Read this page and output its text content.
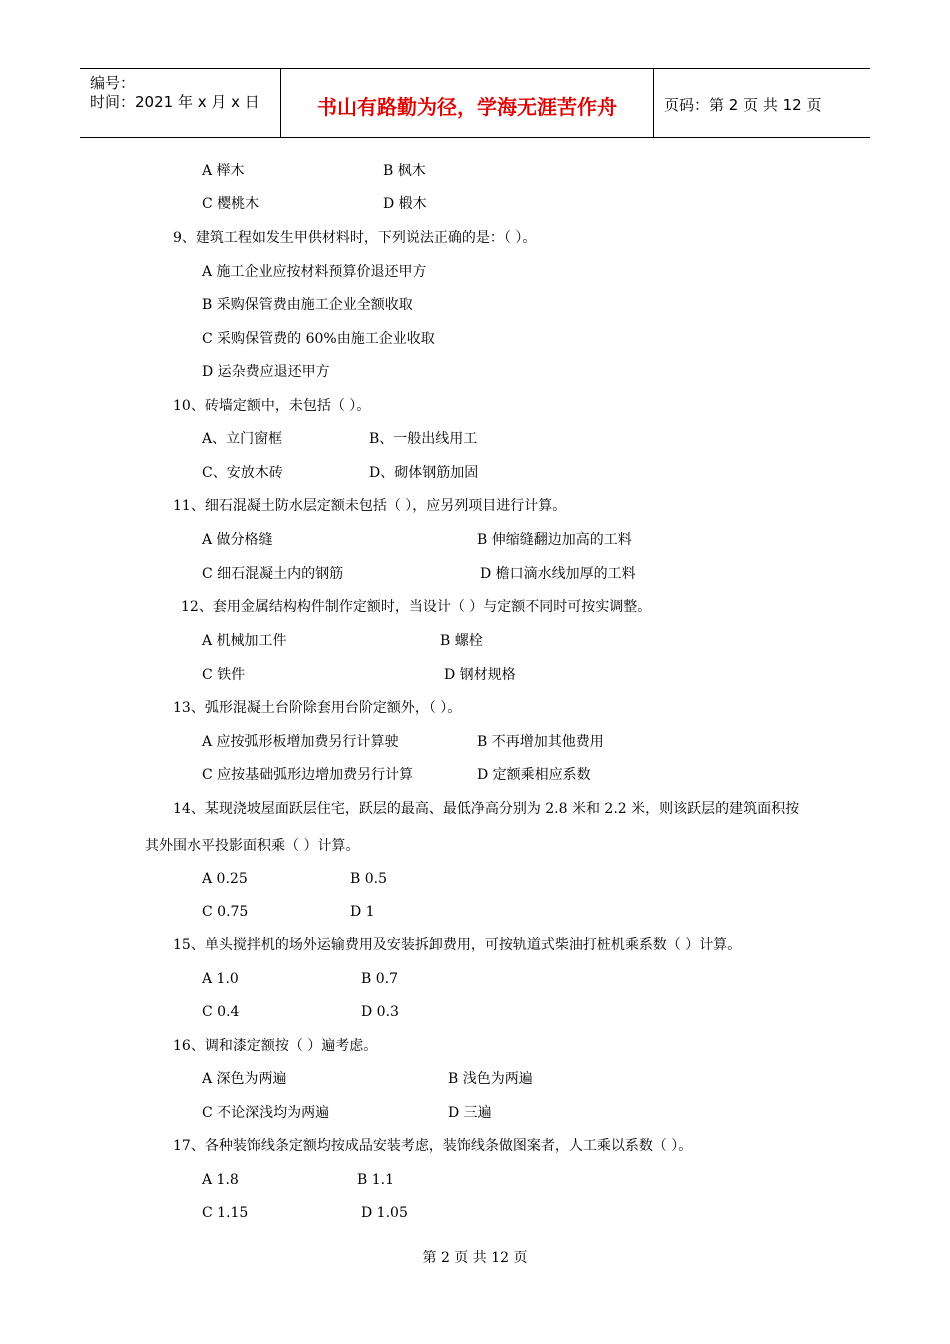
编号：
时间：2021 年 x 月 x 日	书山有路勤为径，学海无涯苦作舟	页码：第 2 页 共 12 页
A 榉木	B 枫木
C 樱桃木	D 椴木
9、建筑工程如发生甲供材料时，下列说法正确的是：（ ）。
A 施工企业应按材料预算价退还甲方
B 采购保管费由施工企业全额收取
C 采购保管费的 60%由施工企业收取
D 运杂费应退还甲方
10、砖墙定额中，未包括（ ）。
A、立门窗框	B、一般出线用工
C、安放木砖	D、砌体钢筋加固
11、细石混凝土防水层定额未包括（ ），应另列项目进行计算。
A 做分格缝	B 伸缩缝翻边加高的工料
C 细石混凝土内的钢筋	D 檐口滴水线加厚的工料
12、套用金属结构构件制作定额时，当设计（ ）与定额不同时可按实调整。
A 机械加工件	B 螺栓
C 铁件	D 钢材规格
13、弧形混凝土台阶除套用台阶定额外，（ ）。
A 应按弧形板增加费另行计算驶	B 不再增加其他费用
C 应按基础弧形边增加费另行计算	D 定额乘相应系数
14、某现浇坡屋面跃层住宅，跃层的最高、最低净高分别为 2.8 米和 2.2 米，则该跃层的建筑面积按
其外围水平投影面积乘（ ）计算。
A 0.25	B 0.5
C 0.75	D 1
15、单头搅拌机的场外运输费用及安装拆卸费用，可按轨道式柴油打桩机乘系数（ ）计算。
A 1.0	B 0.7
C 0.4	D 0.3
16、调和漆定额按（ ）遍考虑。
A 深色为两遍	B 浅色为两遍
C 不论深浅均为两遍	D 三遍
17、各种装饰线条定额均按成品安装考虑，装饰线条做图案者，人工乘以系数（ ）。
A 1.8	B 1.1
C 1.15	D 1.05
第 2 页 共 12 页
